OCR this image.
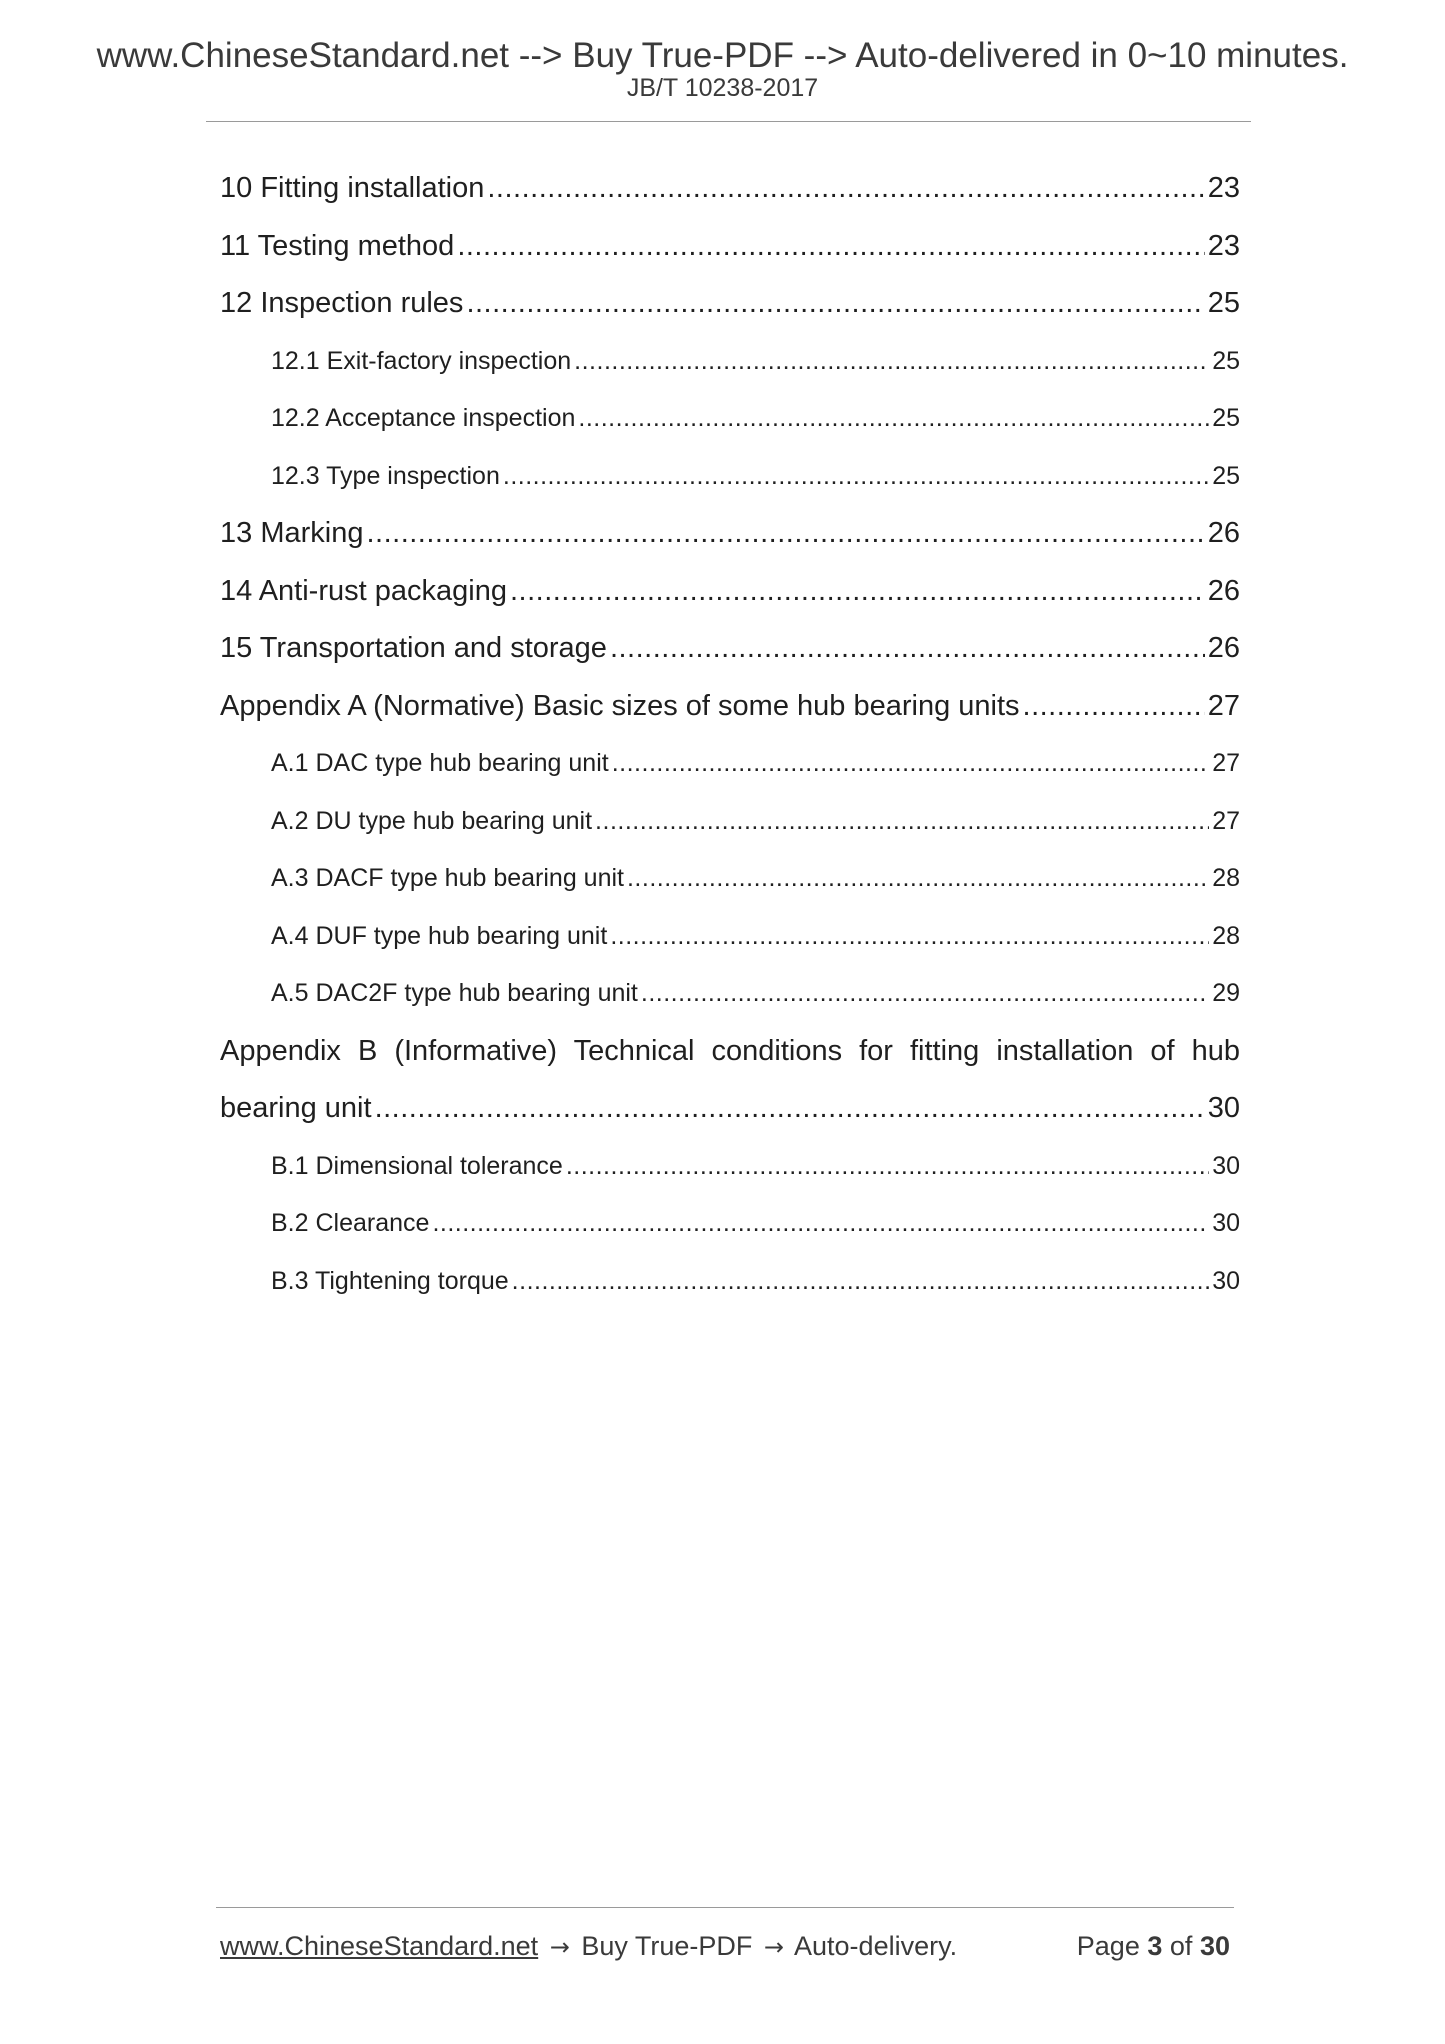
www.ChineseStandard.net --> Buy True-PDF --> Auto-delivered in 0~10 minutes.
JB/T 10238-2017
10 Fitting installation .....	23
11 Testing method .....	23
12 Inspection rules .....	25
12.1 Exit-factory inspection .....	25
12.2 Acceptance inspection .....	25
12.3 Type inspection .....	25
13 Marking .....	26
14 Anti-rust packaging .....	26
15 Transportation and storage .....	26
Appendix A (Normative) Basic sizes of some hub bearing units .....	27
A.1 DAC type hub bearing unit .....	27
A.2 DU type hub bearing unit .....	27
A.3 DACF type hub bearing unit .....	28
A.4 DUF type hub bearing unit .....	28
A.5 DAC2F type hub bearing unit .....	29
Appendix B (Informative) Technical conditions for fitting installation of hub
bearing unit .....	30
B.1 Dimensional tolerance .....	30
B.2 Clearance .....	30
B.3 Tightening torque .....	30
www.ChineseStandard.net → Buy True-PDF → Auto-delivery.	Page 3 of 30
